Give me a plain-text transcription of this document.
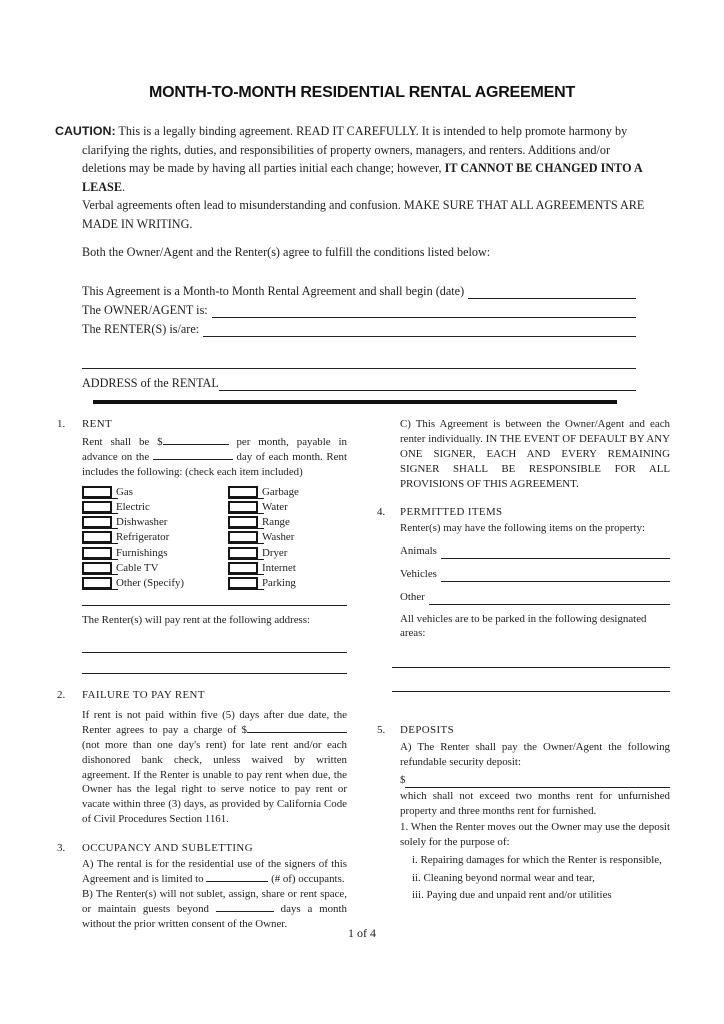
MONTH-TO-MONTH RESIDENTIAL RENTAL AGREEMENT

CAUTION: This is a legally binding agreement. READ IT CAREFULLY. It is intended to help promote harmony by clarifying the rights, duties, and responsibilities of property owners, managers, and renters. Additions and/or deletions may be made by having all parties initial each change; however, IT CANNOT BE CHANGED INTO A LEASE.

Verbal agreements often lead to misunderstanding and confusion. MAKE SURE THAT ALL AGREEMENTS ARE MADE IN WRITING.

Both the Owner/Agent and the Renter(s) agree to fulfill the conditions listed below:

This Agreement is a Month-to Month Rental Agreement and shall begin (date)
The OWNER/AGENT is:
The RENTER(S) is/are:
ADDRESS of the RENTAL
1.	RENT

Rent shall be $	per month, payable in advance on the	day of each month. Rent includes the following: (check each item included)

Gas	Garbage
Electric	Water
Dishwasher	Range
Refrigerator	Washer
Furnishings	Dryer
Cable TV	Internet
Other (Specify)	Parking

The Renter(s) will pay rent at the following address:

2.	FAILURE TO PAY RENT

If rent is not paid within five (5) days after due date, the Renter agrees to pay a charge of $ (not more than one day's rent) for late rent and/or each dishonored bank check, unless waived by written agreement. If the Renter is unable to pay rent when due, the Owner has the legal right to serve notice to pay rent or vacate within three (3) days, as provided by California Code of Civil Procedures Section 1161.

3.	OCCUPANCY AND SUBLETTING

A) The rental is for the residential use of the signers of this Agreement and is limited to	(# of) occupants.

B) The Renter(s) will not sublet, assign, share or rent space, or maintain guests beyond	days a month without the prior written consent of the Owner.

C) This Agreement is between the Owner/Agent and each renter individually. IN THE EVENT OF DEFAULT BY ANY ONE SIGNER, EACH AND EVERY REMAINING SIGNER SHALL BE RESPONSIBLE FOR ALL PROVISIONS OF THIS AGREEMENT.

4.	PERMITTED ITEMS

Renter(s) may have the following items on the property:

Animals
Vehicles
Other

All vehicles are to be parked in the following designated areas:

5.	DEPOSITS

A) The Renter shall pay the Owner/Agent the following refundable security deposit:

$

which shall not exceed two months rent for unfurnished property and three months rent for furnished.

1. When the Renter moves out the Owner may use the deposit solely for the purpose of:

i. Repairing damages for which the Renter is responsible,

ii. Cleaning beyond normal wear and tear,

iii. Paying due and unpaid rent and/or utilities

1 of 4
